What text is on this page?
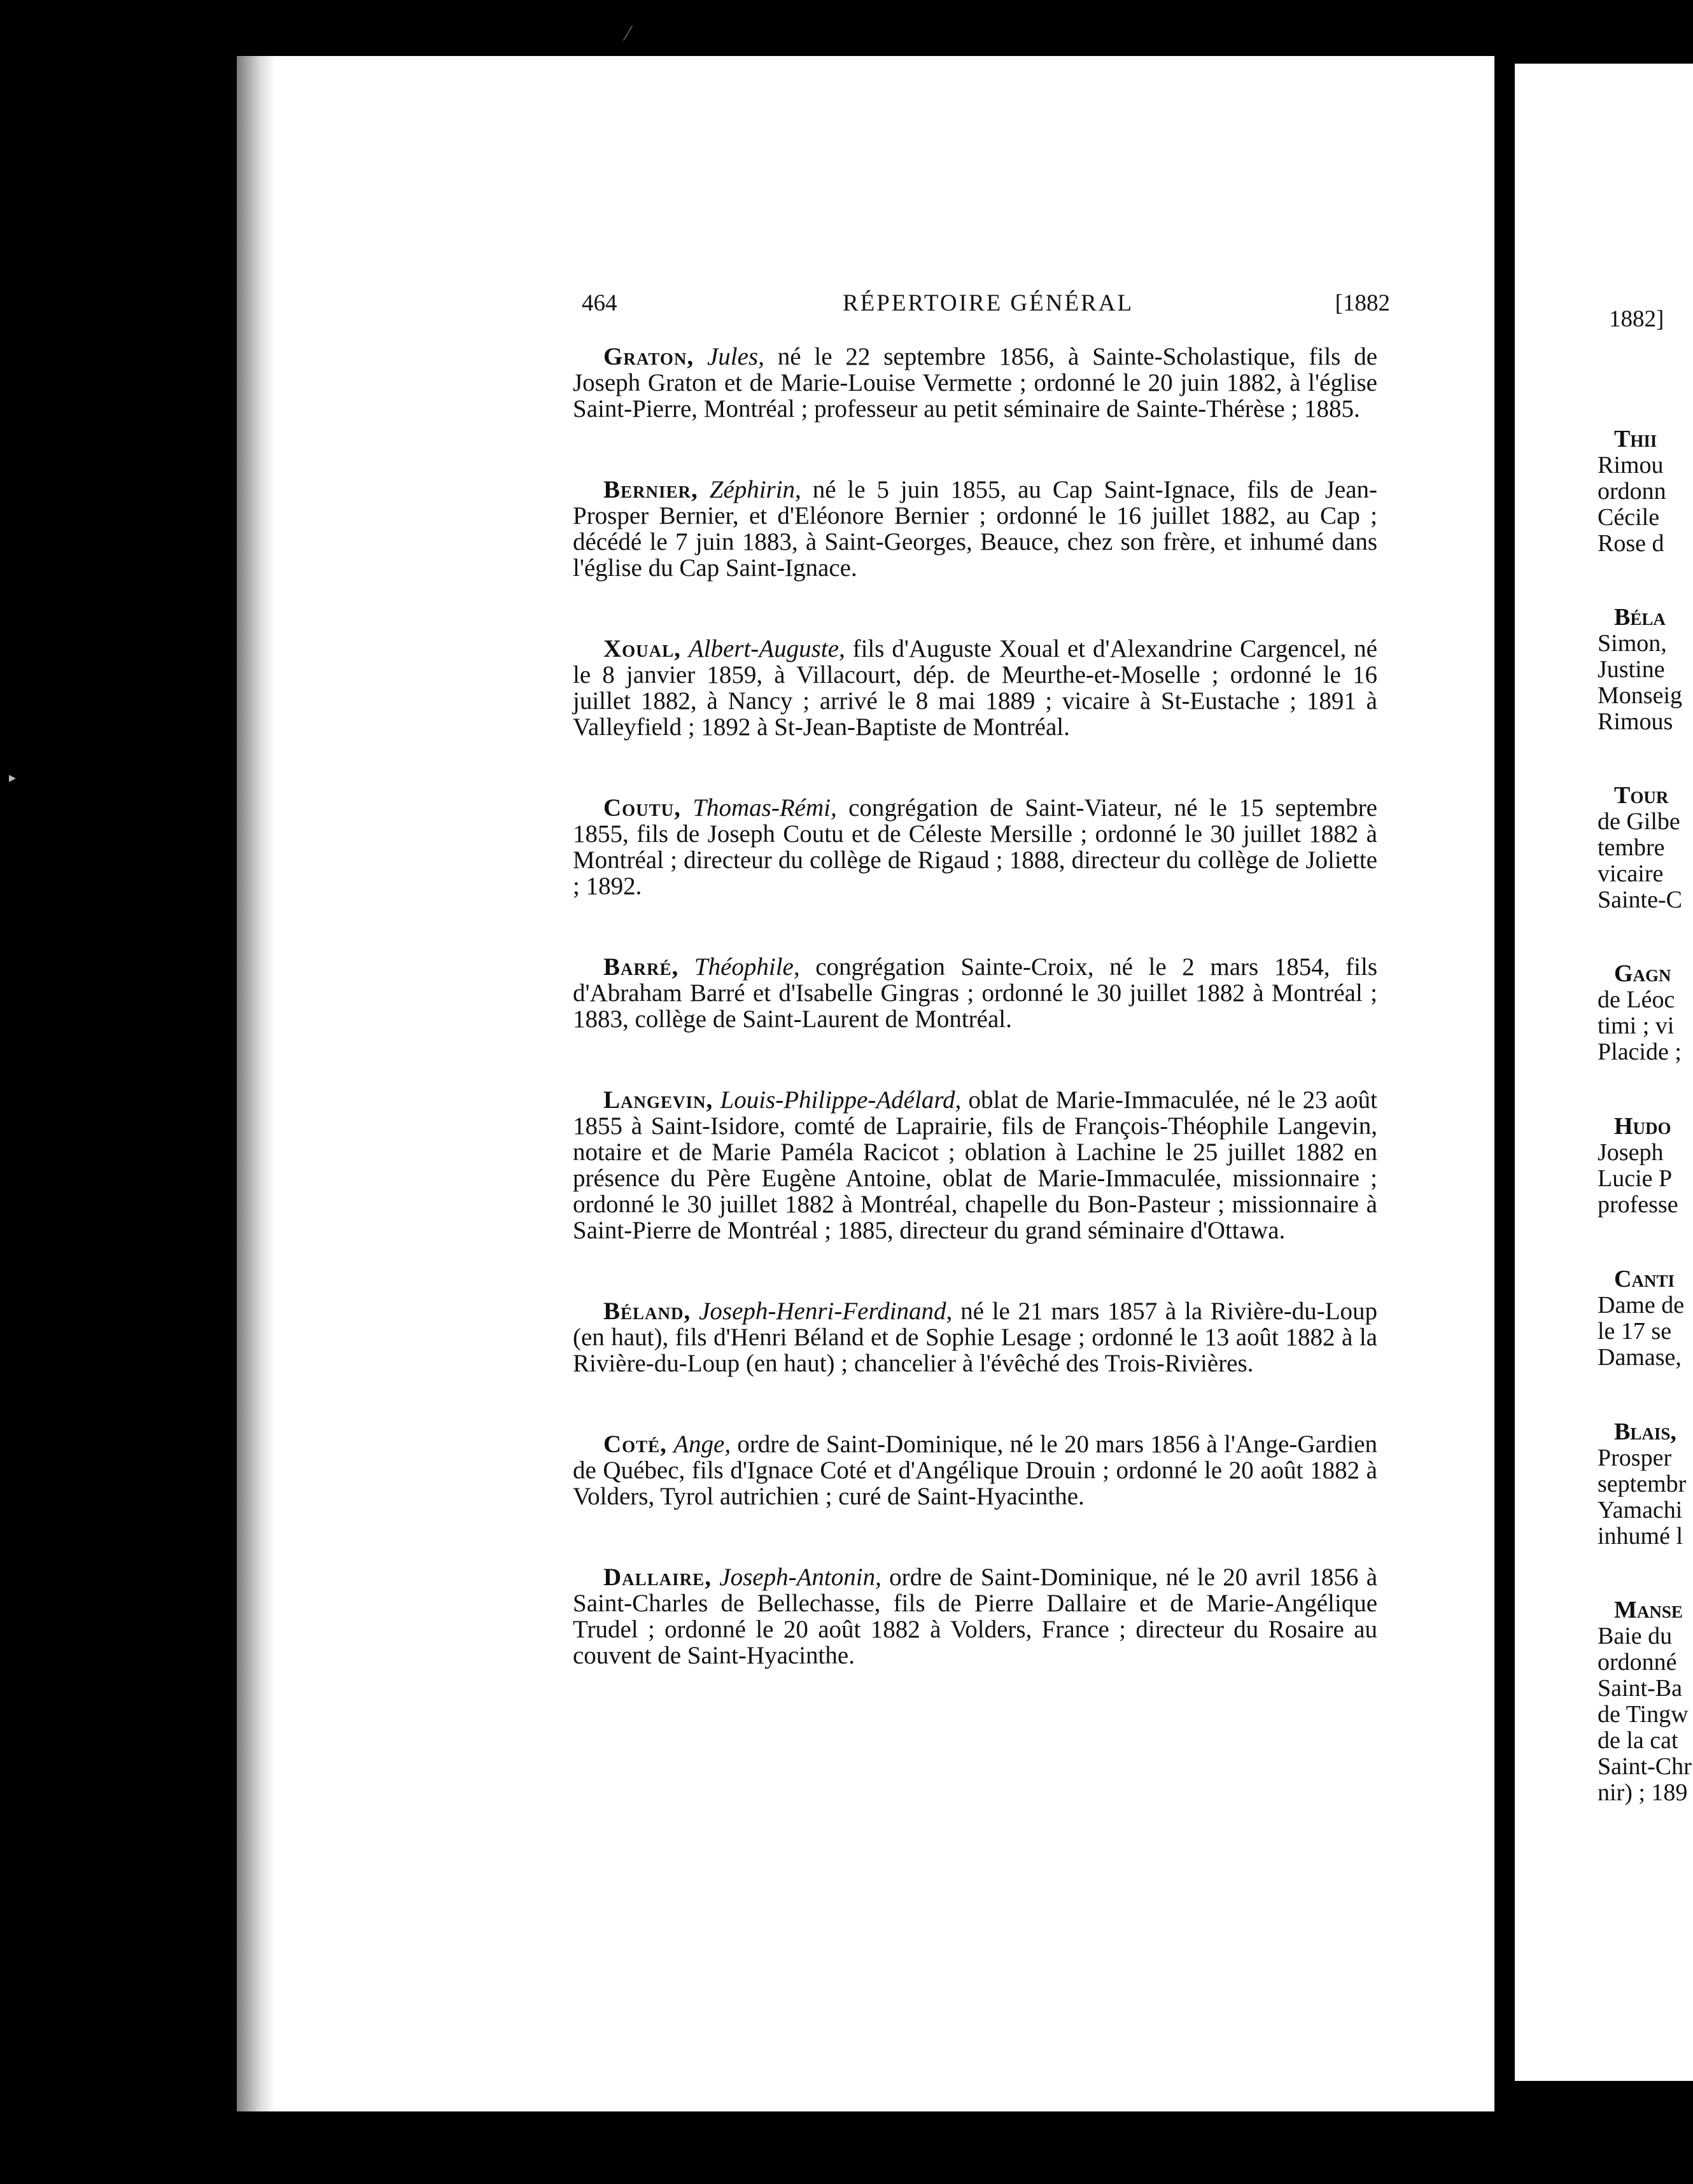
464	RÉPERTOIRE GÉNÉRAL	[1882

Graton, Jules, né le 22 septembre 1856, à Sainte-Scholastique, fils de Joseph Graton et de Marie-Louise Vermette ; ordonné le 20 juin 1882, à l'église Saint-Pierre, Montréal ; professeur au petit séminaire de Sainte-Thérèse ; 1885.

Bernier, Zéphirin, né le 5 juin 1855, au Cap Saint-Ignace, fils de Jean-Prosper Bernier, et d'Eléonore Bernier ; ordonné le 16 juillet 1882, au Cap ; décédé le 7 juin 1883, à Saint-Georges, Beauce, chez son frère, et inhumé dans l'église du Cap Saint-Ignace.

Xoual, Albert-Auguste, fils d'Auguste Xoual et d'Alexandrine Cargencel, né le 8 janvier 1859, à Villacourt, dép. de Meurthe-et-Moselle ; ordonné le 16 juillet 1882, à Nancy ; arrivé le 8 mai 1889 ; vicaire à St-Eustache ; 1891 à Valleyfield ; 1892 à St-Jean-Baptiste de Montréal.

Coutu, Thomas-Rémi, congrégation de Saint-Viateur, né le 15 septembre 1855, fils de Joseph Coutu et de Céleste Mersille ; ordonné le 30 juillet 1882 à Montréal ; directeur du collège de Rigaud ; 1888, directeur du collège de Joliette ; 1892.

Barré, Théophile, congrégation Sainte-Croix, né le 2 mars 1854, fils d'Abraham Barré et d'Isabelle Gingras ; ordonné le 30 juillet 1882 à Montréal ; 1883, collège de Saint-Laurent de Montréal.

Langevin, Louis-Philippe-Adélard, oblat de Marie-Immaculée, né le 23 août 1855 à Saint-Isidore, comté de Laprairie, fils de François-Théophile Langevin, notaire et de Marie Paméla Racicot ; oblation à Lachine le 25 juillet 1882 en présence du Père Eugène Antoine, oblat de Marie-Immaculée, missionnaire ; ordonné le 30 juillet 1882 à Montréal, chapelle du Bon-Pasteur ; missionnaire à Saint-Pierre de Montréal ; 1885, directeur du grand séminaire d'Ottawa.

Béland, Joseph-Henri-Ferdinand, né le 21 mars 1857 à la Rivière-du-Loup (en haut), fils d'Henri Béland et de Sophie Lesage ; ordonné le 13 août 1882 à la Rivière-du-Loup (en haut) ; chancelier à l'évêché des Trois-Rivières.

Coté, Ange, ordre de Saint-Dominique, né le 20 mars 1856 à l'Ange-Gardien de Québec, fils d'Ignace Coté et d'Angélique Drouin ; ordonné le 20 août 1882 à Volders, Tyrol autrichien ; curé de Saint-Hyacinthe.

Dallaire, Joseph-Antonin, ordre de Saint-Dominique, né le 20 avril 1856 à Saint-Charles de Bellechasse, fils de Pierre Dallaire et de Marie-Angélique Trudel ; ordonné le 20 août 1882 à Volders, France ; directeur du Rosaire au couvent de Saint-Hyacinthe.

1882]
Thii
Rimou
ordonn
Cécile
Rose d
Béla
Simon,
Justine
Monseig
Rimous
Tour
de Gilbe
tembre
vicaire
Sainte-C
Gagn
de Léoc
timi ; vi
Placide ;
Hudo
Joseph
Lucie P
professe
Canti
Dame de
le 17 se
Damase,
Blais,
Prosper
septembr
Yamachi
inhumé l
Manse
Baie du
ordonné
Saint-Ba
de Tingw
de la cat
Saint-Chr
nir) ; 189
⁄
▸
